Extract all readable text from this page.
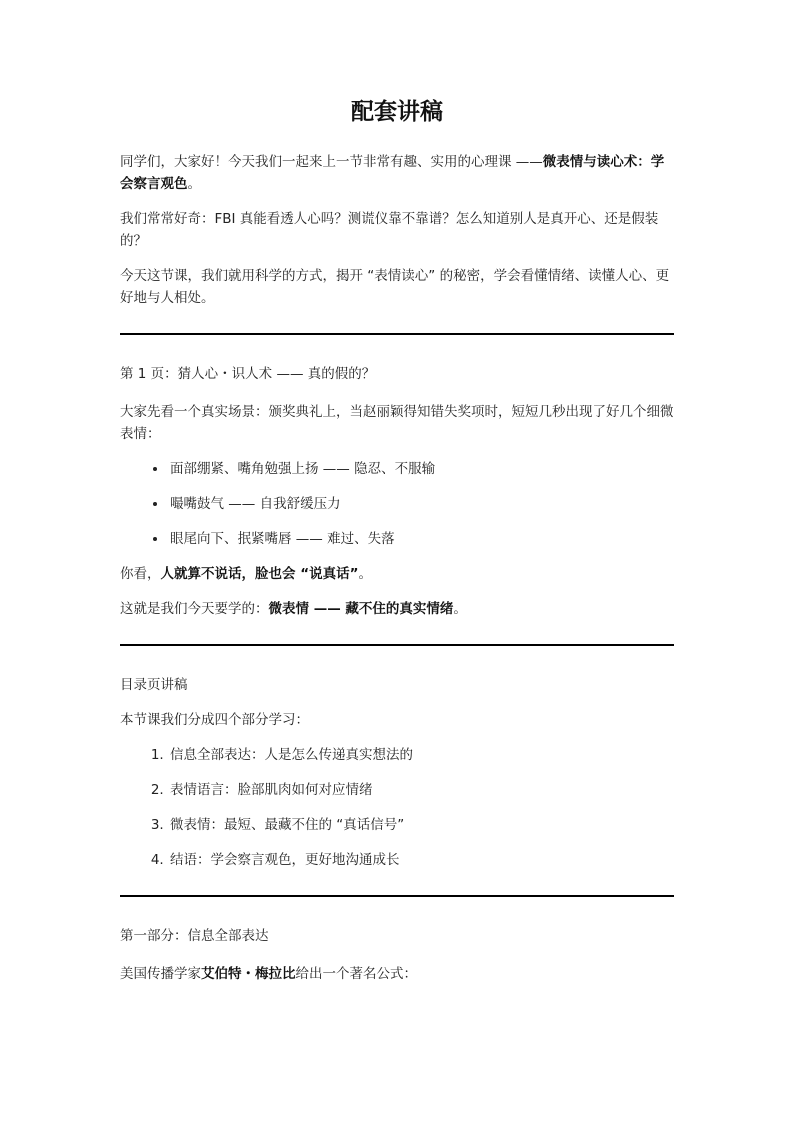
配套讲稿

同学们，大家好！今天我们一起来上一节非常有趣、实用的心理课 ——微表情与读心术：学会察言观色。

我们常常好奇：FBI 真能看透人心吗？测谎仪靠不靠谱？怎么知道别人是真开心、还是假装的？

今天这节课，我们就用科学的方式，揭开 “表情读心” 的秘密，学会看懂情绪、读懂人心、更好地与人相处。

第 1 页：猜人心・识人术 —— 真的假的？

大家先看一个真实场景：颁奖典礼上，当赵丽颖得知错失奖项时，短短几秒出现了好几个细微表情：

• 面部绷紧、嘴角勉强上扬 —— 隐忍、不服输
• 嘬嘴鼓气 —— 自我舒缓压力
• 眼尾向下、抿紧嘴唇 —— 难过、失落

你看，人就算不说话，脸也会 “说真话”。

这就是我们今天要学的：微表情 —— 藏不住的真实情绪。

目录页讲稿

本节课我们分成四个部分学习：

1. 信息全部表达：人是怎么传递真实想法的
2. 表情语言：脸部肌肉如何对应情绪
3. 微表情：最短、最藏不住的 “真话信号”
4. 结语：学会察言观色，更好地沟通成长

第一部分：信息全部表达

美国传播学家艾伯特・梅拉比给出一个著名公式：
